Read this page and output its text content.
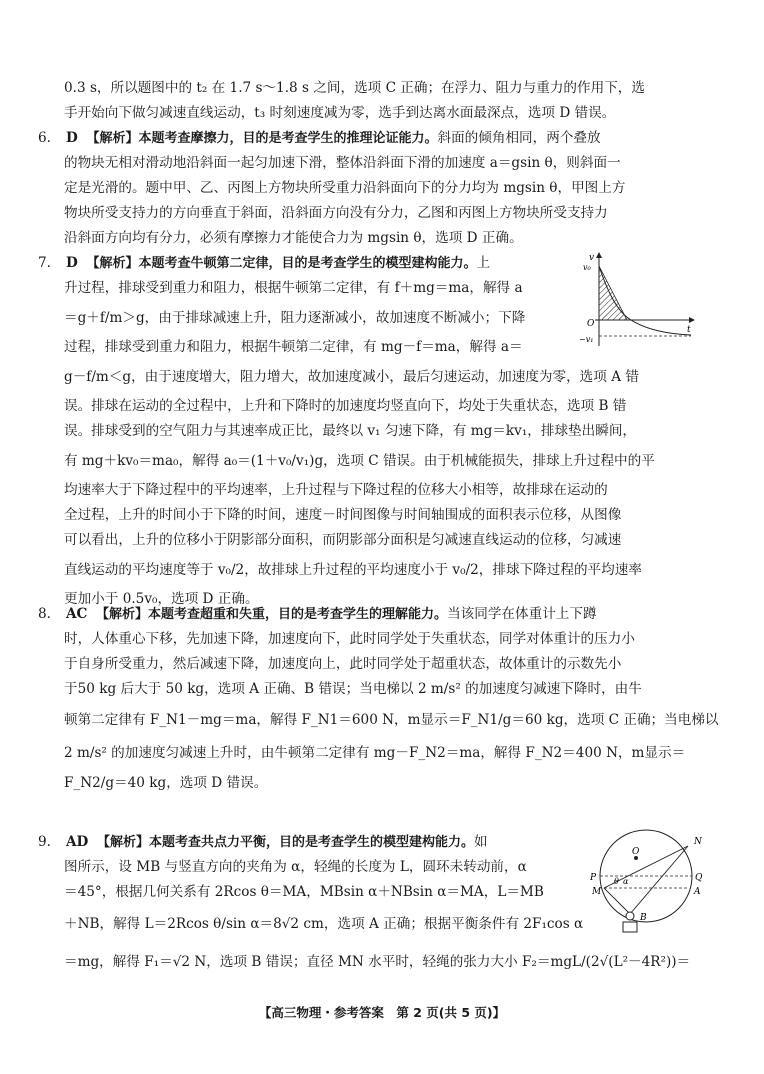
0.3 s，所以题图中的 t₂ 在 1.7 s～1.8 s 之间，选项 C 正确；在浮力、阻力与重力的作用下，选
手开始向下做匀减速直线运动，t₃ 时刻速度减为零，选手到达离水面最深点，选项 D 错误。
6. D 【解析】本题考查摩擦力，目的是考查学生的推理论证能力。斜面的倾角相同，两个叠放
的物块无相对滑动地沿斜面一起匀加速下滑，整体沿斜面下滑的加速度 a＝gsin θ，则斜面一
定是光滑的。题中甲、乙、丙图上方物块所受重力沿斜面向下的分力均为 mgsin θ，甲图上方
物块所受支持力的方向垂直于斜面，沿斜面方向没有分力，乙图和丙图上方物块所受支持力
沿斜面方向均有分力，必须有摩擦力才能使合力为 mgsin θ，选项 D 正确。
7. D 【解析】本题考查牛顿第二定律，目的是考查学生的模型建构能力。上
升过程，排球受到重力和阻力，根据牛顿第二定律，有 f＋mg＝ma，解得 a
＝g＋f/m＞g，由于排球减速上升，阻力逐渐减小，故加速度不断减小；下降
过程，排球受到重力和阻力，根据牛顿第二定律，有 mg－f＝ma，解得 a＝
g－f/m＜g，由于速度增大，阻力增大，故加速度减小，最后匀速运动，加速度为零，选项 A 错
误。排球在运动的全过程中，上升和下降时的加速度均竖直向下，均处于失重状态，选项 B 错
误。排球受到的空气阻力与其速率成正比，最终以 v₁ 匀速下降，有 mg＝kv₁，排球垫出瞬间，
有 mg＋kv₀＝ma₀，解得 a₀＝(1＋v₀/v₁)g，选项 C 错误。由于机械能损失，排球上升过程中的平
均速率大于下降过程中的平均速率，上升过程与下降过程的位移大小相等，故排球在运动的
全过程，上升的时间小于下降的时间，速度－时间图像与时间轴围成的面积表示位移，从图像
可以看出，上升的位移小于阴影部分面积，而阴影部分面积是匀减速直线运动的位移，匀减速
直线运动的平均速度等于 v₀/2，故排球上升过程的平均速度小于 v₀/2，排球下降过程的平均速率
更加小于 0.5v₀，选项 D 正确。
v
v₀
O
t
−v₁
8. AC 【解析】本题考查超重和失重，目的是考查学生的理解能力。当该同学在体重计上下蹲
时，人体重心下移，先加速下降，加速度向下，此时同学处于失重状态，同学对体重计的压力小
于自身所受重力，然后减速下降，加速度向上，此时同学处于超重状态，故体重计的示数先小
于50 kg 后大于 50 kg，选项 A 正确、B 错误；当电梯以 2 m/s² 的加速度匀减速下降时，由牛
顿第二定律有 F_N1－mg＝ma，解得 F_N1＝600 N，m显示＝F_N1/g＝60 kg，选项 C 正确；当电梯以
2 m/s² 的加速度匀减速上升时，由牛顿第二定律有 mg－F_N2＝ma，解得 F_N2＝400 N，m显示＝
F_N2/g＝40 kg，选项 D 错误。
9. AD 【解析】本题考查共点力平衡，目的是考查学生的模型建构能力。如
图所示，设 MB 与竖直方向的夹角为 α，轻绳的长度为 L，圆环未转动前，α
＝45°，根据几何关系有 2Rcos θ＝MA，MBsin α＋NBsin α＝MA，L＝MB
＋NB，解得 L＝2Rcos θ/sin α＝8√2 cm，选项 A 正确；根据平衡条件有 2F₁cos α
＝mg，解得 F₁＝√2 N，选项 B 错误；直径 MN 水平时，轻绳的张力大小 F₂＝mgL/(2√(L²－4R²))＝
O
N
P	Q
M	A
B
θ α
【高三物理・参考答案　第 2 页(共 5 页)】
